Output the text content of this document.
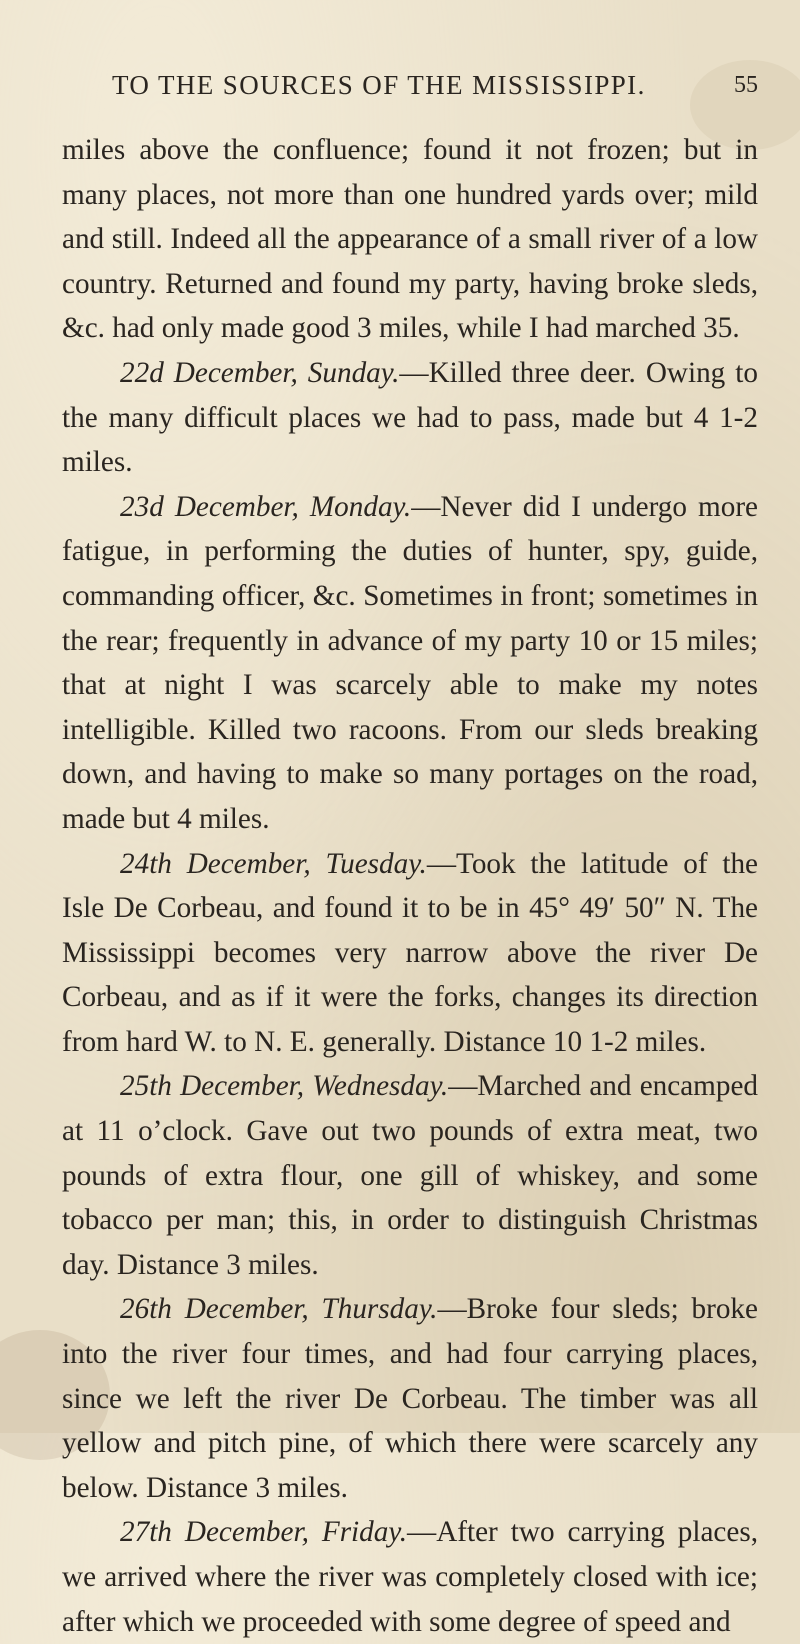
TO THE SOURCES OF THE MISSISSIPPI.	55

miles above the confluence; found it not frozen; but in many places, not more than one hundred yards over; mild and still. Indeed all the appearance of a small river of a low country. Returned and found my party, having broke sleds, &c. had only made good 3 miles, while I had marched 35.

22d December, Sunday.—Killed three deer. Owing to the many difficult places we had to pass, made but 4 1-2 miles.

23d December, Monday.—Never did I undergo more fatigue, in performing the duties of hunter, spy, guide, commanding officer, &c. Sometimes in front; sometimes in the rear; frequently in advance of my party 10 or 15 miles; that at night I was scarcely able to make my notes intelligible. Killed two racoons. From our sleds breaking down, and having to make so many portages on the road, made but 4 miles.

24th December, Tuesday.—Took the latitude of the Isle De Corbeau, and found it to be in 45° 49′ 50″ N. The Mississippi becomes very narrow above the river De Corbeau, and as if it were the forks, changes its direction from hard W. to N. E. generally. Distance 10 1-2 miles.

25th December, Wednesday.—Marched and encamped at 11 o’clock. Gave out two pounds of extra meat, two pounds of extra flour, one gill of whiskey, and some tobacco per man; this, in order to distinguish Christmas day. Distance 3 miles.

26th December, Thursday.—Broke four sleds; broke into the river four times, and had four carrying places, since we left the river De Corbeau. The timber was all yellow and pitch pine, of which there were scarcely any below. Distance 3 miles.

27th December, Friday.—After two carrying places, we arrived where the river was completely closed with ice; after which we proceeded with some degree of speed and
